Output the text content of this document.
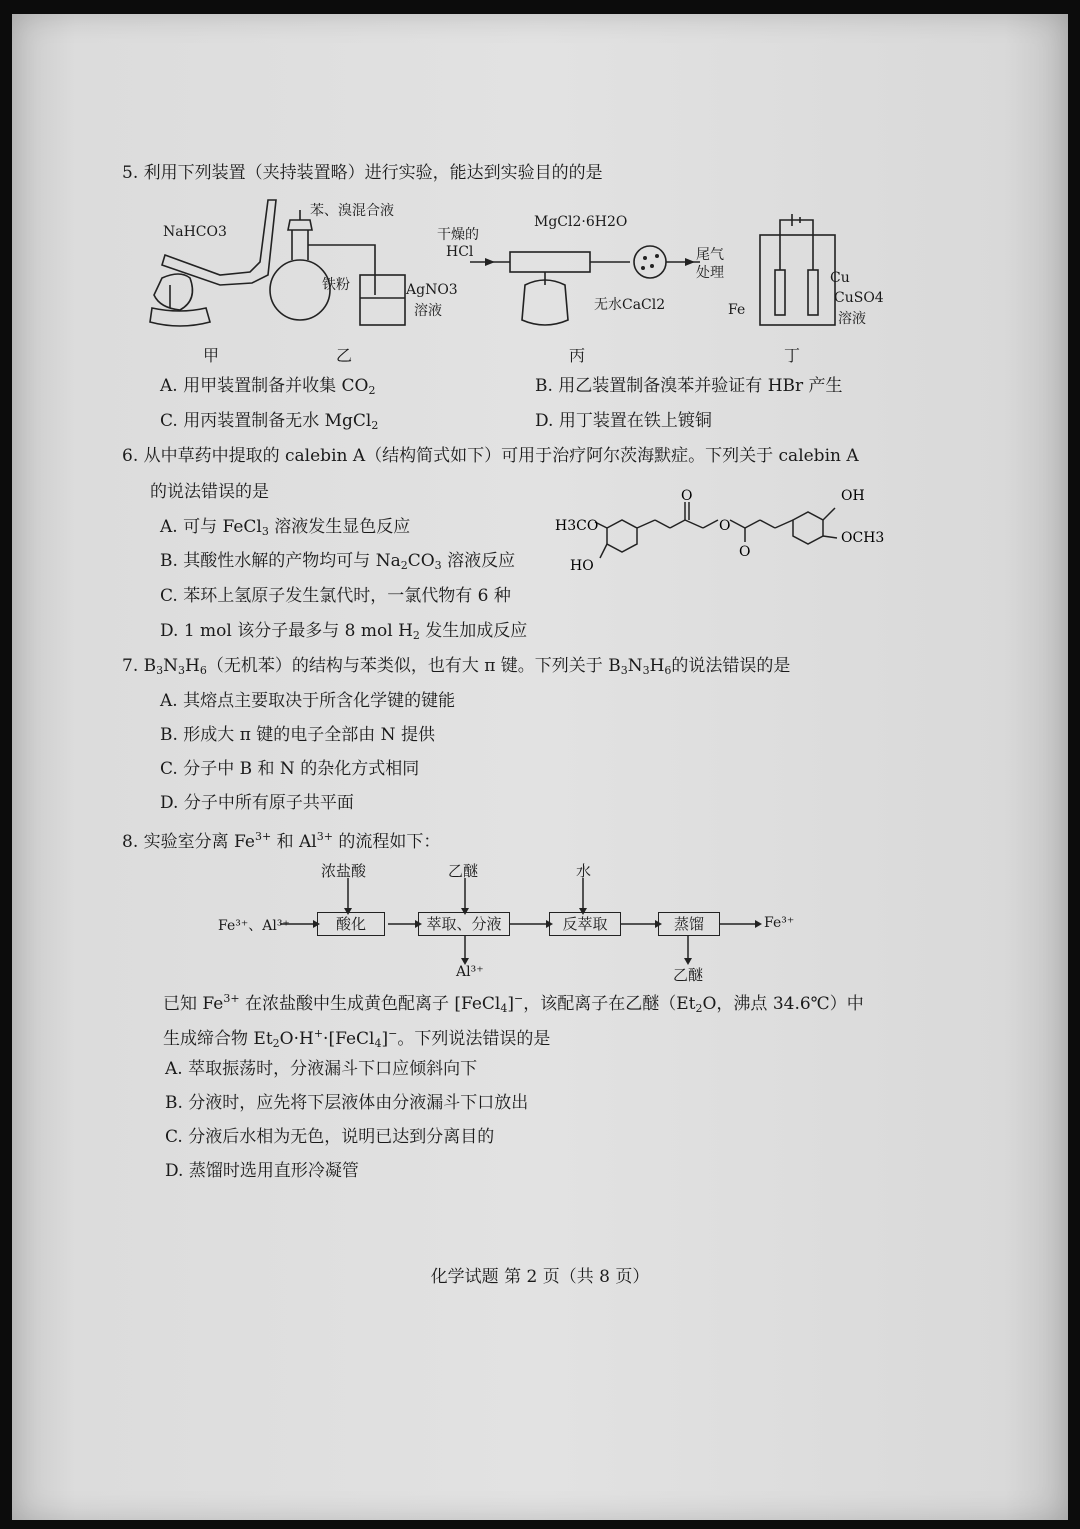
5. 利用下列装置（夹持装置略）进行实验，能达到实验目的的是
NaHCO3
苯、溴混合液
铁粉	AgNO3
溶液
干燥的
HCl
MgCl2·6H2O
无水CaCl2
尾气
处理	Cu
Fe
CuSO4
溶液
甲	乙	丙	丁
A. 用甲装置制备并收集 $CO_2$	B. 用乙装置制备溴苯并验证有 HBr 产生
C. 用丙装置制备无水 MgCl$_2$	D. 用丁装置在铁上镀铜
6. 从中草药中提取的 calebin A（结构简式如下）可用于治疗阿尔茨海默症。下列关于 calebin A
的说法错误的是
A. 可与 FeCl$_3$ 溶液发生显色反应
B. 其酸性水解的产物均可与 $Na_2CO_3$ 溶液反应
C. 苯环上氢原子发生氯代时，一氯代物有 6 种
D. 1 mol 该分子最多与 8 mol $H_2$ 发生加成反应
H3CO
HO
O
O
O
OH
OCH3
7. $B_3N_3H_6$（无机苯）的结构与苯类似，也有大 π 键。下列关于 $B_3N_3H_6$的说法错误的是
A. 其熔点主要取决于所含化学键的键能
B. 形成大 π 键的电子全部由 N 提供
C. 分子中 B 和 N 的杂化方式相同
D. 分子中所有原子共平面
8. 实验室分离 $Fe^{3+}$ 和 $Al^{3+}$ 的流程如下：
Fe³⁺、Al³⁺
浓盐酸	乙醚	水
酸化	萃取、分液	反萃取	蒸馏
Al³⁺	乙醚
Fe³⁺
已知 $Fe^{3+}$ 在浓盐酸中生成黄色配离子 [FeCl$_4$]−，该配离子在乙醚（$Et_2O$，沸点 34.6℃）中
生成缔合物 $Et_2O\cdot H^+\cdot[FeCl_4]^-$。下列说法错误的是
A. 萃取振荡时，分液漏斗下口应倾斜向下
B. 分液时，应先将下层液体由分液漏斗下口放出
C. 分液后水相为无色，说明已达到分离目的
D. 蒸馏时选用直形冷凝管
化学试题 第 2 页（共 8 页）
